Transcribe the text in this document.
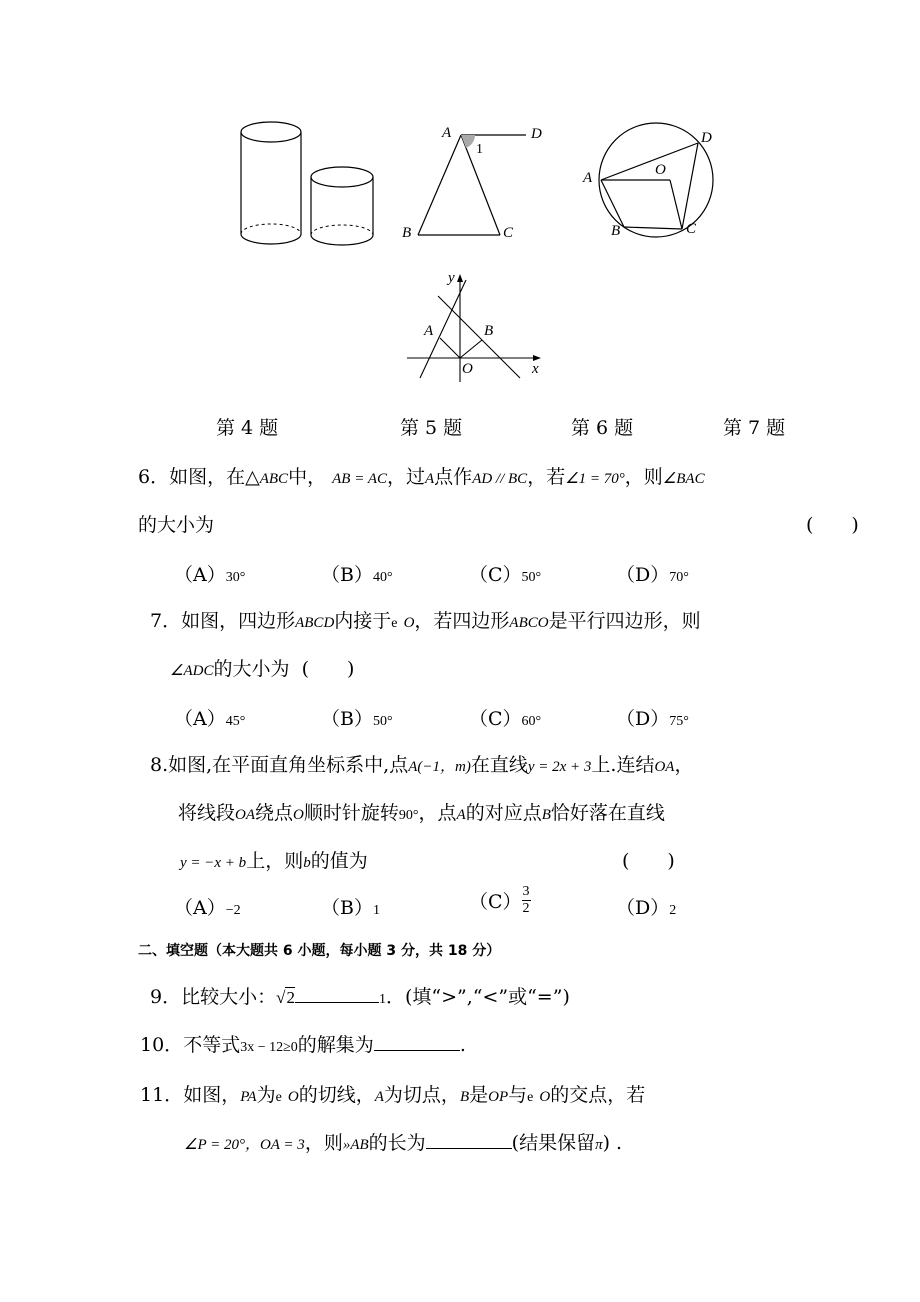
A	D
1
B	C
A
D
O
B	C
y
A	B
O	x
第 4 题	第 5 题	第 6 题	第 7 题
6．如图，在△ABC中， AB = AC，过A点作AD // BC，若∠1 = 70°，则∠BAC
的大小为	(　　)
（A）30°	（B）40°	（C）50°	（D）70°
7．如图，四边形ABCD内接于e O，若四边形ABCO是平行四边形，则
∠ADC的大小为 (　　)
（A）45°	（B）50°	（C）60°	（D）75°
8.如图,在平面直角坐标系中,点A(−1，m)在直线y = 2x + 3上.连结OA，
将线段OA绕点O顺时针旋转90°，点A的对应点B恰好落在直线
y = −x + b上，则b的值为	(　　)
（A）−2	（B）1	$(C) \frac{3}{2}$	（D）2
二、填空题（本大题共 6 小题，每小题 3 分，共 18 分）
9．比较大小：√2	1．(填“>”,“<”或“=”)
10．不等式3x − 12≥0的解集为	.
11．如图，PA为e O的切线，A为切点，B是OP与e O的交点，若
∠P = 20°，OA = 3，则»AB的长为	(结果保留π) .
